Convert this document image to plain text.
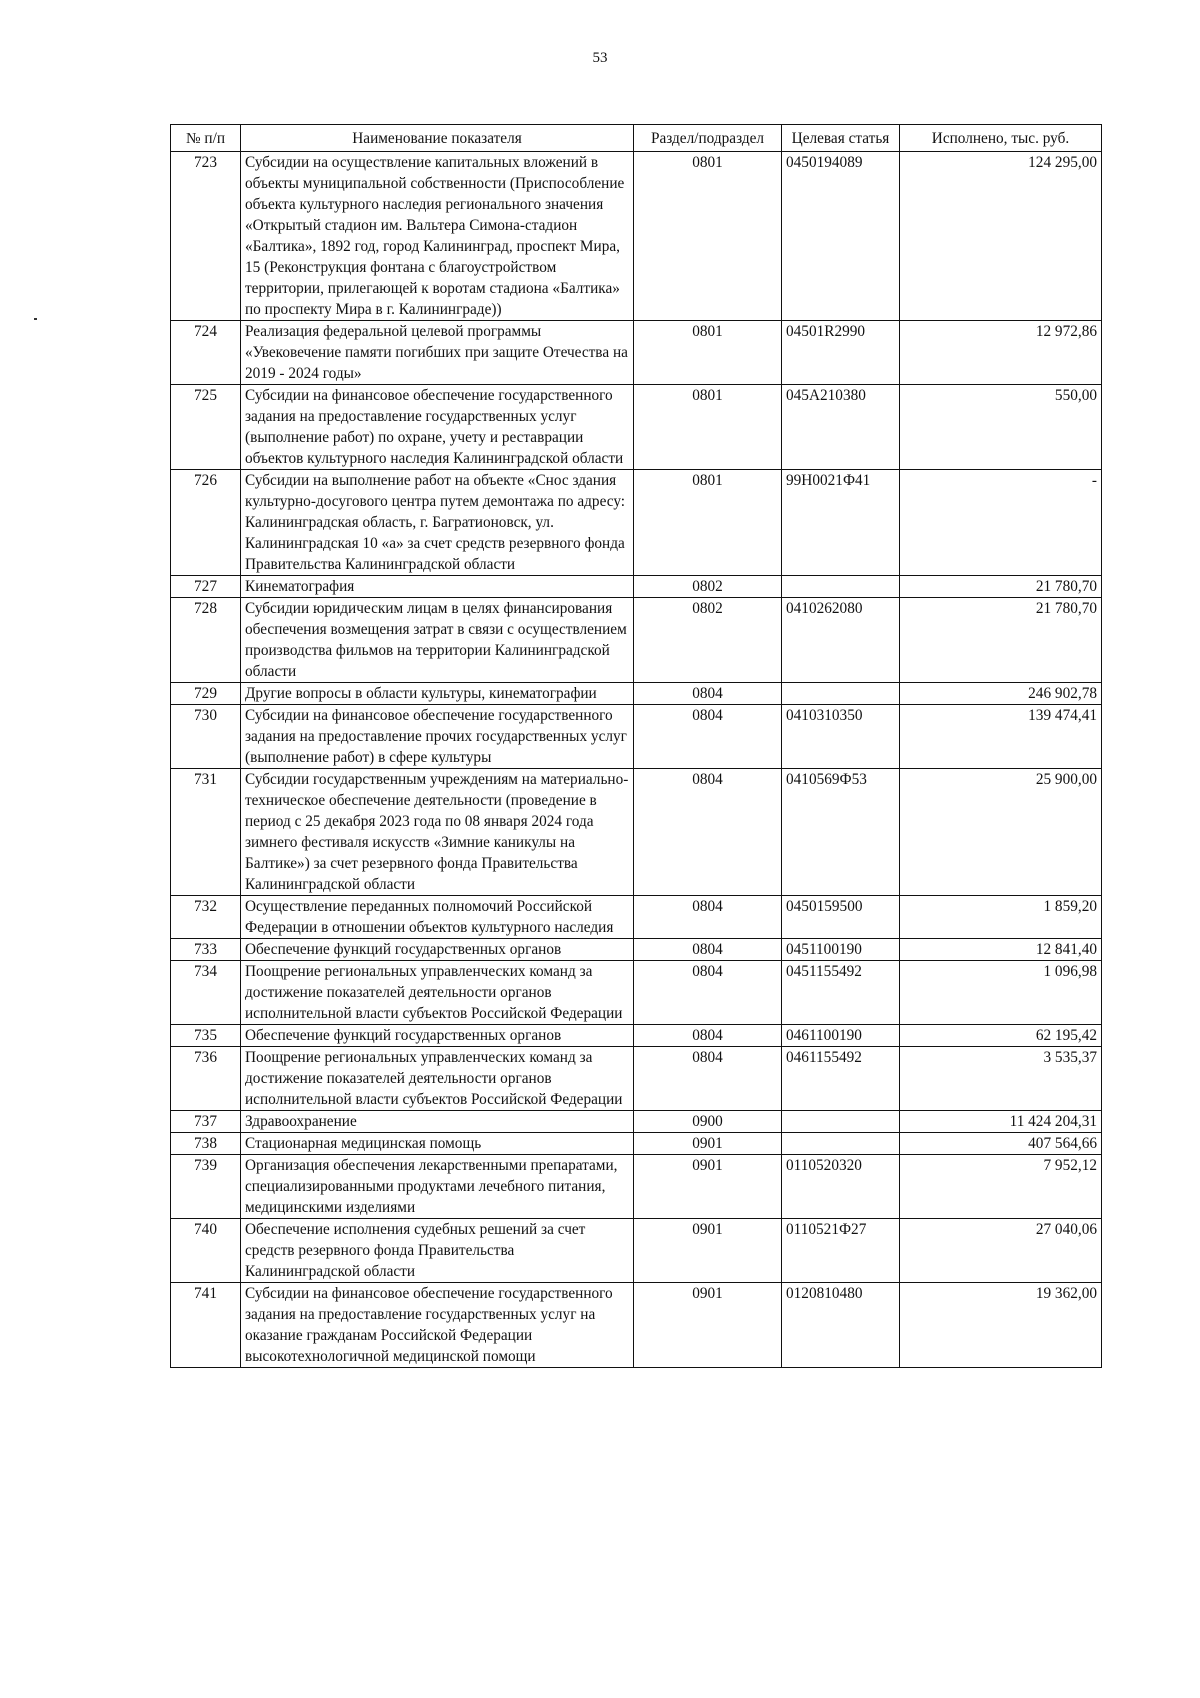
53
№ п/п	Наименование показателя	Раздел/подраздел	Целевая статья	Исполнено, тыс. руб.
723	Субсидии на осуществление капитальных вложений в объекты муниципальной собственности (Приспособление объекта культурного наследия регионального значения «Открытый стадион им. Вальтера Симона-стадион «Балтика», 1892 год, город Калининград, проспект Мира, 15 (Реконструкция фонтана с благоустройством территории, прилегающей к воротам стадиона «Балтика» по проспекту Мира в г. Калининграде))	0801	0450194089	124 295,00
724	Реализация федеральной целевой программы «Увековечение памяти погибших при защите Отечества на 2019 - 2024 годы»	0801	04501R2990	12 972,86
725	Субсидии на финансовое обеспечение государственного задания на предоставление государственных услуг (выполнение работ) по охране, учету и реставрации объектов культурного наследия Калининградской области	0801	045A210380	550,00
726	Субсидии на выполнение работ на объекте «Снос здания культурно-досугового центра путем демонтажа по адресу: Калининградская область, г. Багратионовск, ул. Калининградская 10 «а» за счет средств резервного фонда Правительства Калининградской области	0801	99Н0021Ф41	-
727	Кинематография	0802		21 780,70
728	Субсидии юридическим лицам в целях финансирования обеспечения возмещения затрат в связи с осуществлением производства фильмов на территории Калининградской области	0802	0410262080	21 780,70
729	Другие вопросы в области культуры, кинематографии	0804		246 902,78
730	Субсидии на финансовое обеспечение государственного задания на предоставление прочих государственных услуг (выполнение работ) в сфере культуры	0804	0410310350	139 474,41
731	Субсидии государственным учреждениям на материально-техническое обеспечение деятельности (проведение в период с 25 декабря 2023 года по 08 января 2024 года зимнего фестиваля искусств «Зимние каникулы на Балтике») за счет резервного фонда Правительства Калининградской области	0804	0410569Ф53	25 900,00
732	Осуществление переданных полномочий Российской Федерации в отношении объектов культурного наследия	0804	0450159500	1 859,20
733	Обеспечение функций государственных органов	0804	0451100190	12 841,40
734	Поощрение региональных управленческих команд за достижение показателей деятельности органов исполнительной власти субъектов Российской Федерации	0804	0451155492	1 096,98
735	Обеспечение функций государственных органов	0804	0461100190	62 195,42
736	Поощрение региональных управленческих команд за достижение показателей деятельности органов исполнительной власти субъектов Российской Федерации	0804	0461155492	3 535,37
737	Здравоохранение	0900		11 424 204,31
738	Стационарная медицинская помощь	0901		407 564,66
739	Организация обеспечения лекарственными препаратами, специализированными продуктами лечебного питания, медицинскими изделиями	0901	0110520320	7 952,12
740	Обеспечение исполнения судебных решений за счет средств резервного фонда Правительства Калининградской области	0901	0110521Ф27	27 040,06
741	Субсидии на финансовое обеспечение государственного задания на предоставление государственных услуг на оказание гражданам Российской Федерации высокотехнологичной медицинской помощи	0901	0120810480	19 362,00
